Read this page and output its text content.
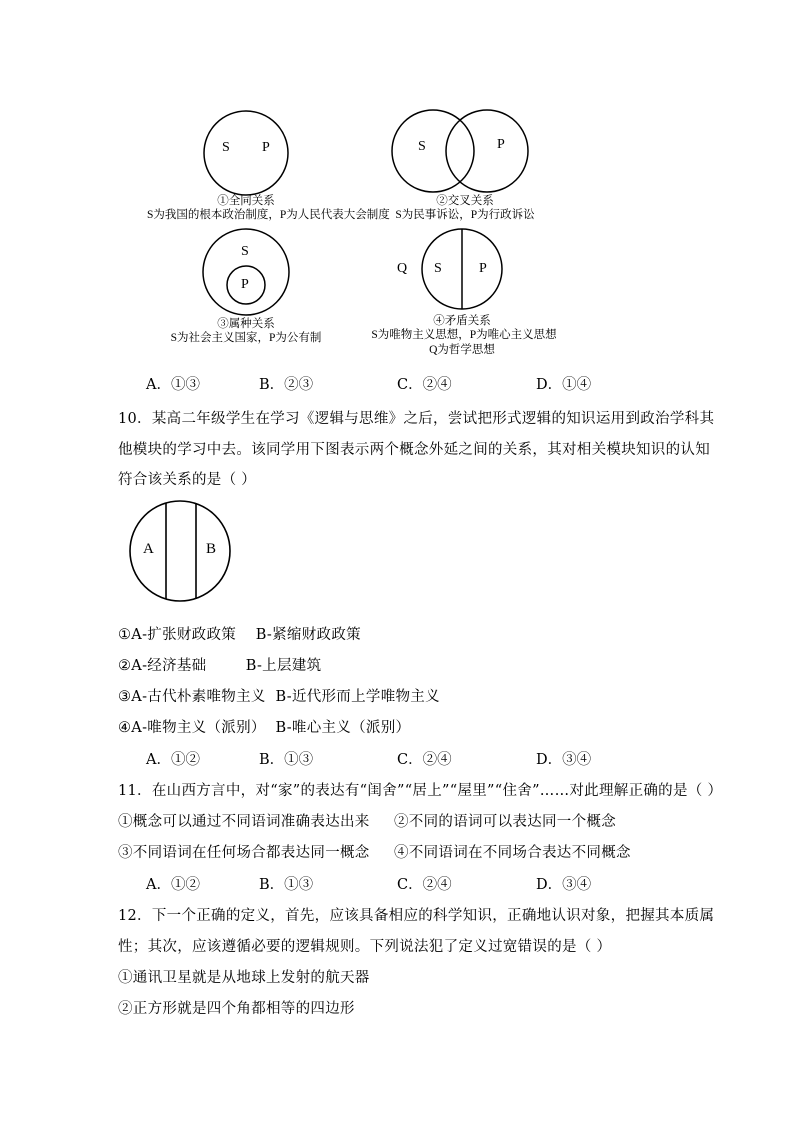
S P
①全同关系
S为我国的根本政治制度，P为人民代表大会制度
S	P
②交叉关系
S为民事诉讼，P为行政诉讼
S
P
③属种关系
S为社会主义国家，P为公有制
Q S	P
④矛盾关系
S为唯物主义思想，P为唯心主义思想
Q为哲学思想
A．①③	B．②③	C．②④	D．①④
10．某高二年级学生在学习《逻辑与思维》之后，尝试把形式逻辑的知识运用到政治学科其
他模块的学习中去。该同学用下图表示两个概念外延之间的关系，其对相关模块知识的认知
符合该关系的是（ ）
A	B
①A-扩张财政政策    B-紧缩财政政策
②A-经济基础        B-上层建筑
③A-古代朴素唯物主义  B-近代形而上学唯物主义
④A-唯物主义（派别）  B-唯心主义（派别）
A．①②	B．①③	C．②④	D．③④
11．在山西方言中，对“家”的表达有“闺舍”“居上”“屋里”“住舍”……对此理解正确的是（ ）
①概念可以通过不同语词准确表达出来 ②不同的语词可以表达同一个概念
③不同语词在任何场合都表达同一概念 ④不同语词在不同场合表达不同概念
A．①②	B．①③	C．②④	D．③④
12．下一个正确的定义，首先，应该具备相应的科学知识，正确地认识对象，把握其本质属
性；其次，应该遵循必要的逻辑规则。下列说法犯了定义过宽错误的是（ ）
①通讯卫星就是从地球上发射的航天器
②正方形就是四个角都相等的四边形
